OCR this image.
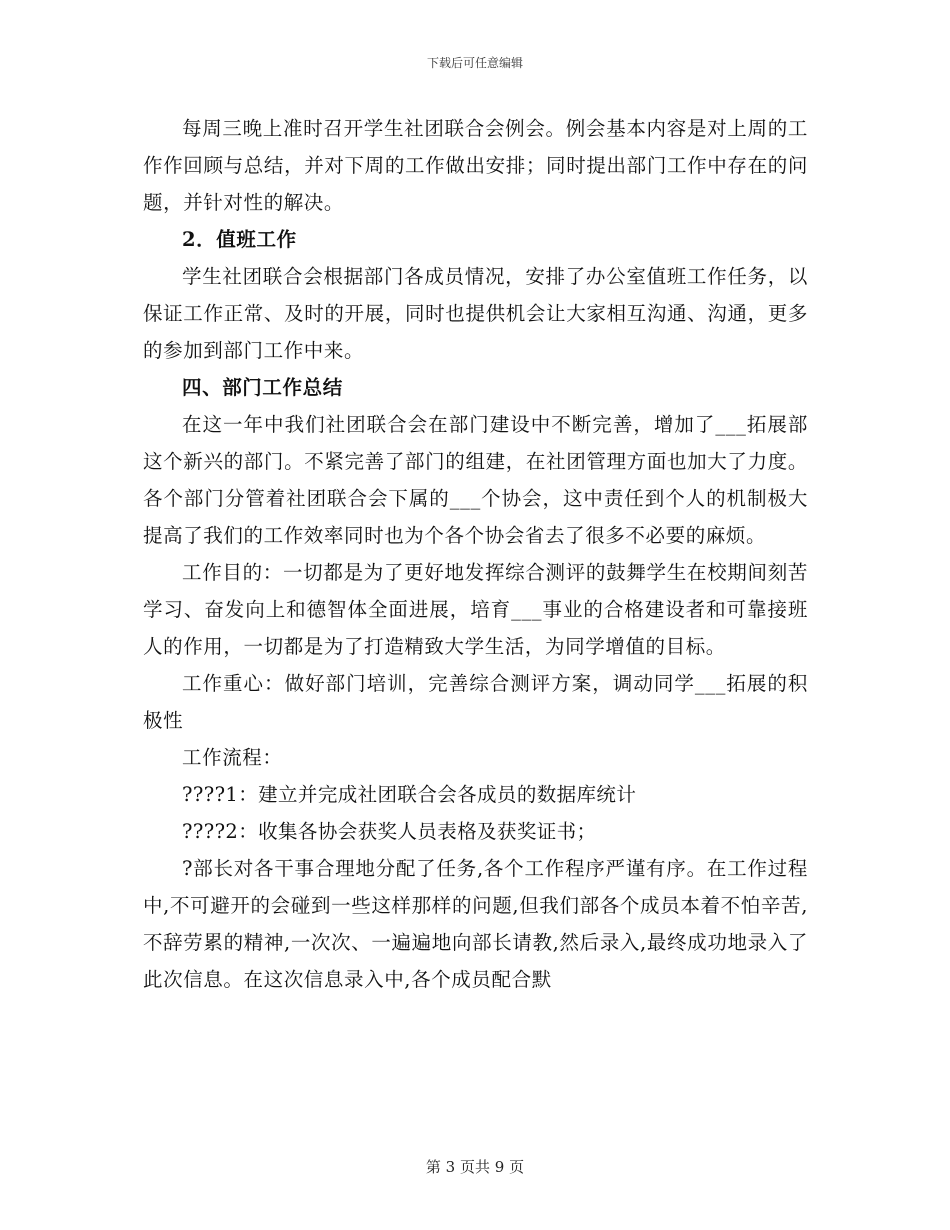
下载后可任意编辑

每周三晚上准时召开学生社团联合会例会。例会基本内容是对上周的工作作回顾与总结，并对下周的工作做出安排；同时提出部门工作中存在的问题，并针对性的解决。

2．值班工作

学生社团联合会根据部门各成员情况，安排了办公室值班工作任务，以保证工作正常、及时的开展，同时也提供机会让大家相互沟通、沟通，更多的参加到部门工作中来。

四、部门工作总结

在这一年中我们社团联合会在部门建设中不断完善，增加了___拓展部这个新兴的部门。不紧完善了部门的组建，在社团管理方面也加大了力度。各个部门分管着社团联合会下属的___个协会，这中责任到个人的机制极大提高了我们的工作效率同时也为个各个协会省去了很多不必要的麻烦。

工作目的：一切都是为了更好地发挥综合测评的鼓舞学生在校期间刻苦学习、奋发向上和德智体全面进展，培育___事业的合格建设者和可靠接班人的作用，一切都是为了打造精致大学生活，为同学增值的目标。

工作重心：做好部门培训，完善综合测评方案，调动同学___拓展的积极性

工作流程：

????1：建立并完成社团联合会各成员的数据库统计

????2：收集各协会获奖人员表格及获奖证书；

?部长对各干事合理地分配了任务,各个工作程序严谨有序。在工作过程中,不可避开的会碰到一些这样那样的问题,但我们部各个成员本着不怕辛苦,不辞劳累的精神,一次次、一遍遍地向部长请教,然后录入,最终成功地录入了此次信息。在这次信息录入中,各个成员配合默

第 3 页共 9 页
